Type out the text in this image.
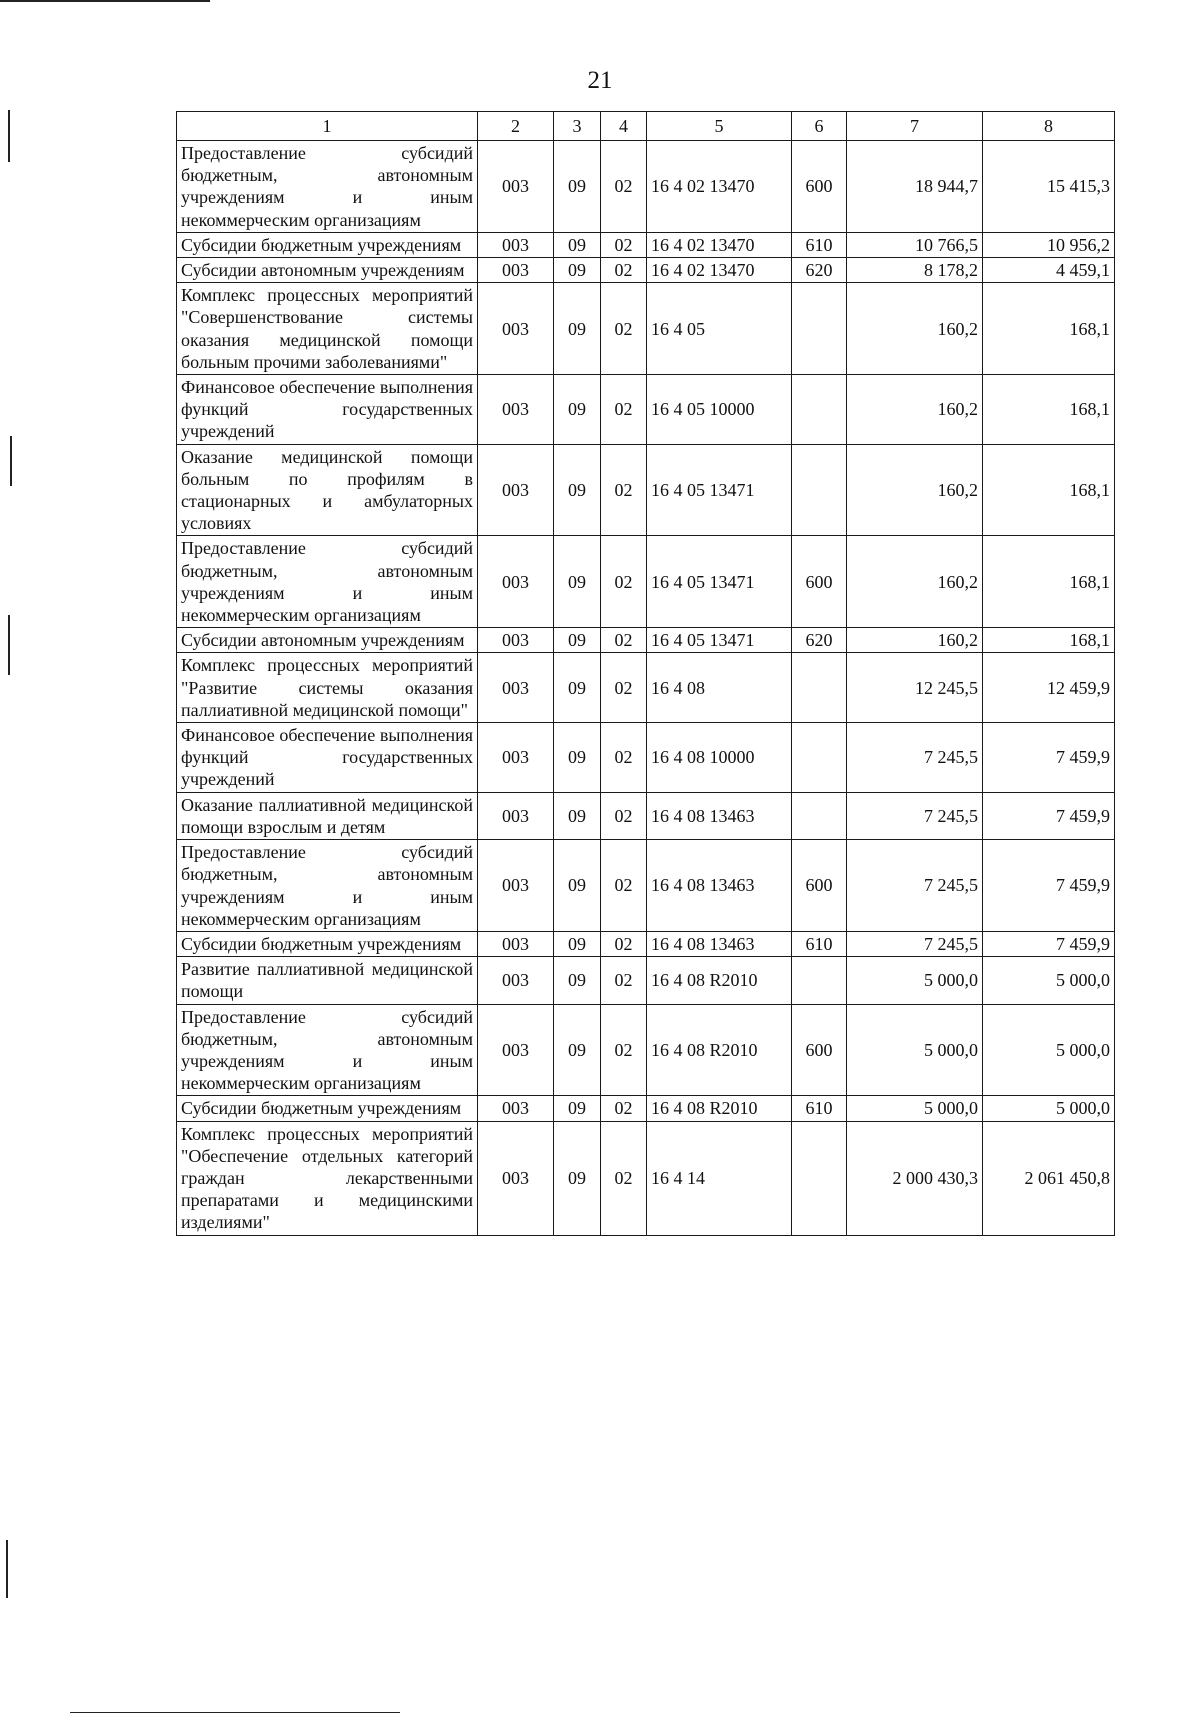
21
1	2	3	4	5	6	7	8
Предоставление субсидий бюджетным, автономным учреждениям и иным некоммерческим организациям	003	09	02	16 4 02 13470	600	18 944,7	15 415,3
Субсидии бюджетным учреждениям	003	09	02	16 4 02 13470	610	10 766,5	10 956,2
Субсидии автономным учреждениям	003	09	02	16 4 02 13470	620	8 178,2	4 459,1
Комплекс процессных мероприятий "Совершенствование системы оказания медицинской помощи больным прочими заболеваниями"	003	09	02	16 4 05		160,2	168,1
Финансовое обеспечение выполнения функций государственных учреждений	003	09	02	16 4 05 10000		160,2	168,1
Оказание медицинской помощи больным по профилям в стационарных и амбулаторных условиях	003	09	02	16 4 05 13471		160,2	168,1
Предоставление субсидий бюджетным, автономным учреждениям и иным некоммерческим организациям	003	09	02	16 4 05 13471	600	160,2	168,1
Субсидии автономным учреждениям	003	09	02	16 4 05 13471	620	160,2	168,1
Комплекс процессных мероприятий "Развитие системы оказания паллиативной медицинской помощи"	003	09	02	16 4 08		12 245,5	12 459,9
Финансовое обеспечение выполнения функций государственных учреждений	003	09	02	16 4 08 10000		7 245,5	7 459,9
Оказание паллиативной медицинской помощи взрослым и детям	003	09	02	16 4 08 13463		7 245,5	7 459,9
Предоставление субсидий бюджетным, автономным учреждениям и иным некоммерческим организациям	003	09	02	16 4 08 13463	600	7 245,5	7 459,9
Субсидии бюджетным учреждениям	003	09	02	16 4 08 13463	610	7 245,5	7 459,9
Развитие паллиативной медицинской помощи	003	09	02	16 4 08 R2010		5 000,0	5 000,0
Предоставление субсидий бюджетным, автономным учреждениям и иным некоммерческим организациям	003	09	02	16 4 08 R2010	600	5 000,0	5 000,0
Субсидии бюджетным учреждениям	003	09	02	16 4 08 R2010	610	5 000,0	5 000,0
Комплекс процессных мероприятий "Обеспечение отдельных категорий граждан лекарственными препаратами и медицинскими изделиями"	003	09	02	16 4 14		2 000 430,3	2 061 450,8
